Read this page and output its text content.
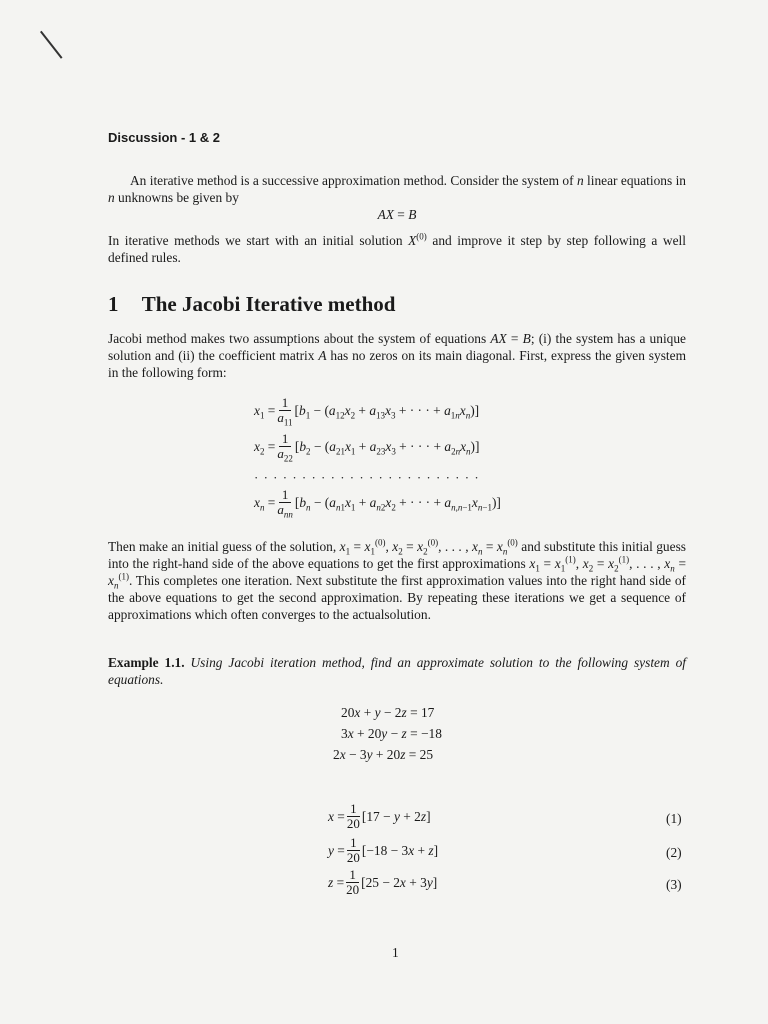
Discussion - 1 & 2
An iterative method is a successive approximation method. Consider the system of n linear equations in n unknowns be given by
AX = B
In iterative methods we start with an initial solution $X^{(0)}$ and improve it step by step following a well defined rules.
1 The Jacobi Iterative method
Jacobi method makes two assumptions about the system of equations AX = B; (i) the system has a unique solution and (ii) the coefficient matrix A has no zeros on its main diagonal. First, express the given system in the following form:
$x_1 = \frac{1}{a_{11}} [b_1 - (a_{12}x_2 + a_{13}x_3$ + · · · + $a_{1n}x_n$)]
$x_2 = \frac{1}{a_{22}} [b_2 - (a_{21}x_1 + a_{23}x_3$ + · · · + $a_{2n}x_n$)]
· · · · · · · · · · · · · · · · · · · · · · · ·
$x_n = \frac{1}{a_{nn}} [b_n - (a_{n1}x_1 + a_{n2}x_2$ + · · · + $a_{n,n-1}x_{n-1}$)]
Then make an initial guess of the solution, $x_1 = x_1^{(0)}$, $x_2 = x_2^{(0)}$, . . . , $x_n = x_n^{(0)}$ and substitute this initial guess into the right-hand side of the above equations to get the first approximations $x_1 = x_1^{(1)}$, $x_2 = x_2^{(1)}$, . . . , $x_n = x_n^{(1)}$. This completes one iteration. Next substitute the first approximation values into the right hand side of the above equations to get the second approximation. By repeating these iterations we get a sequence of approximations which often converges to the actualsolution.
Example 1.1. Using Jacobi iteration method, find an approximate solution to the following system of equations.
20x + y − 2z = 17
3x + 20y − z = −18
2x − 3y + 20z = 25
$x = \frac{1}{20} [17 - y + 2z]$	(1)
$y = \frac{1}{20} [-18 - 3x + z]$	(2)
$z = \frac{1}{20} [25 - 2x + 3y]$	(3)
1
